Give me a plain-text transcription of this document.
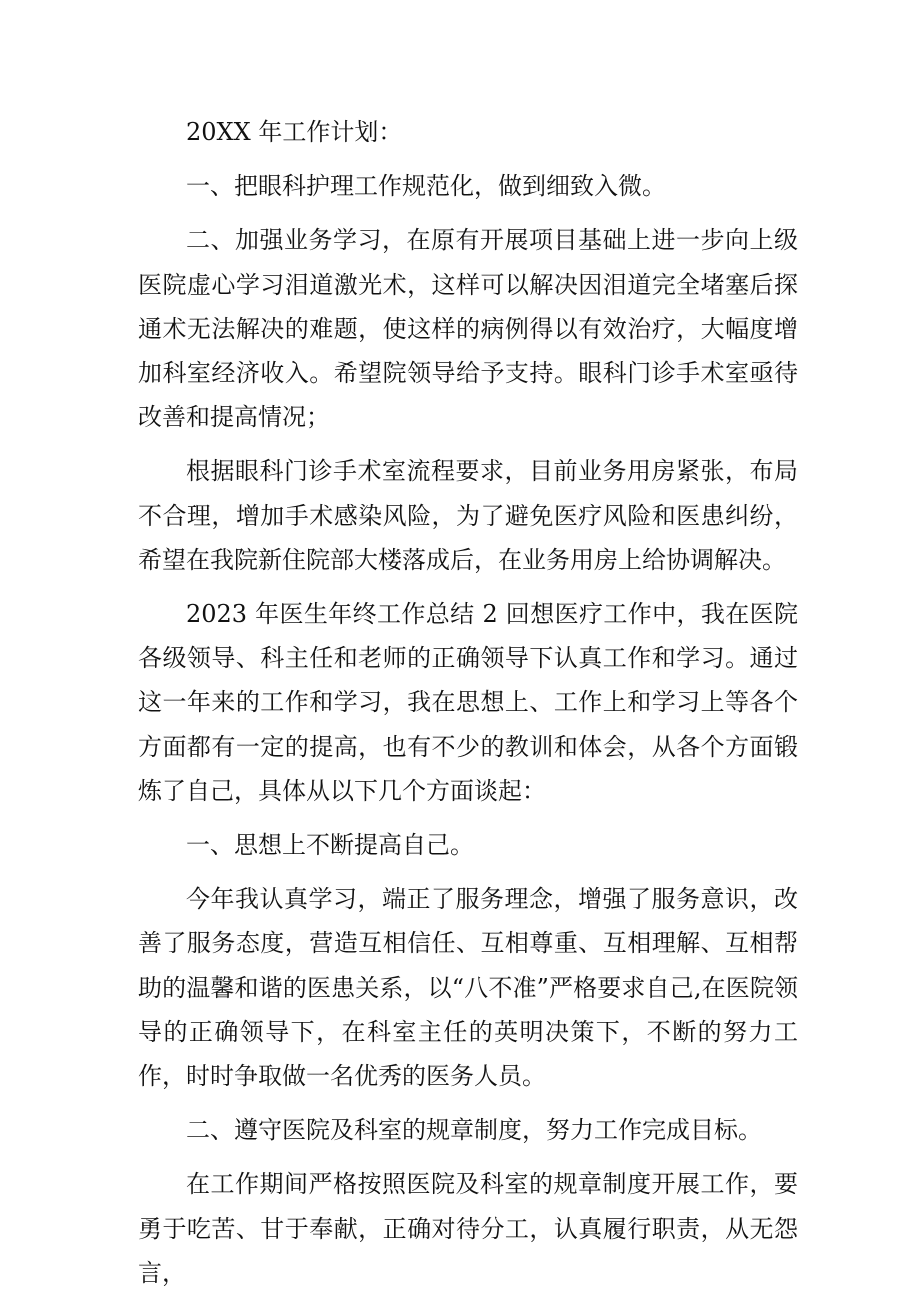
20XX 年工作计划：

一、把眼科护理工作规范化，做到细致入微。

二、加强业务学习，在原有开展项目基础上进一步向上级医院虚心学习泪道激光术，这样可以解决因泪道完全堵塞后探通术无法解决的难题，使这样的病例得以有效治疗，大幅度增加科室经济收入。希望院领导给予支持。眼科门诊手术室亟待改善和提高情况；

根据眼科门诊手术室流程要求，目前业务用房紧张，布局不合理，增加手术感染风险，为了避免医疗风险和医患纠纷，希望在我院新住院部大楼落成后，在业务用房上给协调解决。

2023 年医生年终工作总结 2 回想医疗工作中，我在医院各级领导、科主任和老师的正确领导下认真工作和学习。通过这一年来的工作和学习，我在思想上、工作上和学习上等各个方面都有一定的提高，也有不少的教训和体会，从各个方面锻炼了自己，具体从以下几个方面谈起：

一、思想上不断提高自己。

今年我认真学习，端正了服务理念，增强了服务意识，改善了服务态度，营造互相信任、互相尊重、互相理解、互相帮助的温馨和谐的医患关系，以“八不准”严格要求自己,在医院领导的正确领导下，在科室主任的英明决策下，不断的努力工作，时时争取做一名优秀的医务人员。

二、遵守医院及科室的规章制度，努力工作完成目标。

在工作期间严格按照医院及科室的规章制度开展工作，要勇于吃苦、甘于奉献，正确对待分工，认真履行职责，从无怨言，
